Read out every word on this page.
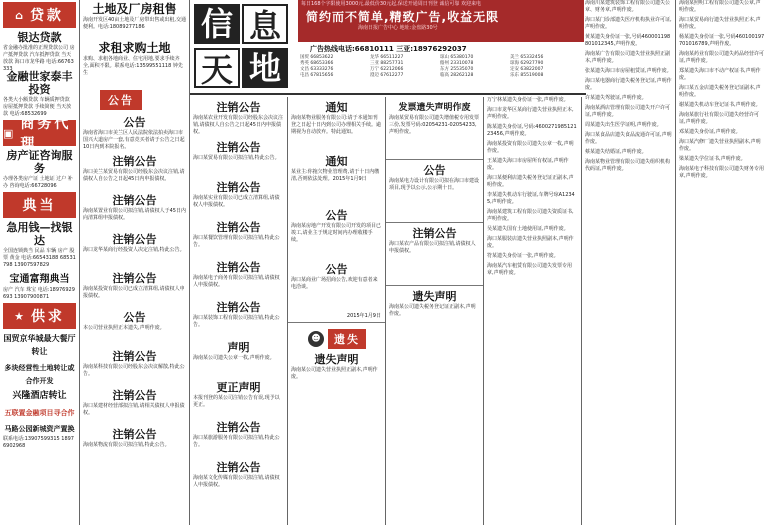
⌂ 贷款
银达贷款
省金融办批准的正规贷款公司 房产抵押贷款 汽车抵押贷款 当天放款 海口市龙华路 电话:66763333
金融世家泰丰投资
各类大小额贷款 车辆质押贷款 房屋抵押贷款 手续简便 当天放款 电话:68532699
▣
商务代理
房产证咨询服务
办理各类房产证 土地证 过户 补办 咨询电话:66728096
典当
急用钱—找银达
全国连锁典当 民品 车辆 房产 股票 黄金 电话:66543188 68531798 13907597829
宝通富翔典当
房产 汽车 珠宝 电话:18976929693 13907900871
★ 供求
国贸京华城最大餐厅转让
多块经营性土地转让或合作开发
兴隆酒店转让
五联置金融项目寻合作
马路公园新城资产置换
联系电话:13907599315 18976902968
土地及厂房租售
海南开发区40亩土地及厂房带出售或出租,交通便利。电话:18089277186
求租求购土地
求购、求租各地商业、住宅用地,要求手续齐全,面积不限。联系电话:13599551118 钟先生
公告
公告
海南省海口市美兰区人民法院依法拍卖海口市国兴大道房产一套,有意竞买者请于公告之日起10日内到本院报名。
注销公告
海口美兰某贸易有限公司经股东会决议注销,请债权人自公告之日起45日内申报债权。
注销公告
海南某置业有限公司拟注销,请债权人于45日内向清算组申报债权。
注销公告
海口龙华某商行经投资人决定注销,特此公告。
注销公告
海南某投资有限公司已成立清算组,请债权人申报债权。
公告
本公司营业执照正本遗失,声明作废。
注销公告
海南某科技有限公司经股东会决议解散,特此公告。
注销公告
海口某建材经营部拟注销,请相关债权人申报债权。
注销公告
海南某物流有限公司拟注销,特此公告。
信 息
天 地
每日168个字限使用3000元,最低价30元起,保送开通周日刊登 诚信可靠 欢迎来电
简约而不简单,精致广告,收益无限
海南日报广告中心 地址:金盘路30号
广告热线电话:66810111 三亚:18976292037
国贸 66853622	龙华 66511227	琼山 65380170	美兰 65332456秀英 68653366	三亚 88257731	儋州 23310078	琼海 62927790文昌 63333276	万宁 62212066	东方 25535070	定安 63822007屯昌 67815656	澄迈 67612277	临高 28262128	乐东 85519008
注销公告
海南某农业开发有限公司经股东会决议注销,请债权人自公告之日起45日内申报债权。
注销公告
海口某贸易有限公司拟注销,特此公告。
注销公告
海南某实业有限公司已成立清算组,请债权人申报债权。
注销公告
海口某餐饮管理有限公司拟注销,特此公告。
注销公告
海南某电子商务有限公司拟注销,请债权人申报债权。
注销公告
海口某装饰工程有限公司拟注销,特此公告。
声明
海南某公司遗失公章一枚,声明作废。
更正声明
本报刊登的某公司注销公告有误,现予以更正。
注销公告
海口某旅游服务有限公司拟注销,特此公告。
注销公告
海南某文化传媒有限公司拟注销,请债权人申报债权。
通知
海南某物业服务有限公司:请于本通知刊登之日起十日内到公司办理相关手续。逾期视为自动放弃。特此通知。
通知
某业主:你拖欠物业管理费,请于十日内缴清,否则依法处理。2015年1月9日
公告
海南某房地产开发有限公司开发的项目已竣工,请业主于规定时间内办理收楼手续。
公告
海口某商业广场招商公告,欢迎有意者来电洽谈。
2015年1月9日
☻ 遗失
遗失声明
海南某公司遗失营业执照正副本,声明作废。
发票遗失声明作废
海南某贸易有限公司遗失增值税专用发票三份,发票号码:02054231-02054233,声明作废。
公告
海南某电力设计有限公司拟在海口市建设项目,现予以公示,公示期十日。
注销公告
海口某农产品有限公司拟注销,请债权人申报债权。
遗失声明
海南某公司遗失税务登记证正副本,声明作废。
万宁林某遗失身份证一张,声明作废。
海口市龙华区某商行遗失营业执照正本,声明作废。
陈某遗失身份证,号码:460027198512123456,声明作废。
海南某投资有限公司遗失公章一枚,声明作废。
王某遗失海口市房屋所有权证,声明作废。
海口某便利店遗失税务登记证正副本,声明作废。
李某遗失机动车行驶证,车牌号琼A12345,声明作废。
海南某建筑工程有限公司遗失资质证书,声明作废。
吴某遗失国有土地使用证,声明作废。
海口某服装店遗失营业执照副本,声明作废。
符某遗失身份证一张,声明作废。
海南某汽车租赁有限公司遗失发票专用章,声明作废。
海南川某建筑装饰工程有限公司遗失公章、财务章,声明作废。
海口某门诊部遗失医疗机构执业许可证,声明作废。
黄某遗失身份证一张,号码460001198801012345,声明作废。
海南某广告有限公司遗失营业执照正副本,声明作废。
张某遗失海口市房屋租赁证,声明作废。
海口某电器商行遗失税务登记证,声明作废。
许某遗失驾驶证,声明作废。
海南某酒店管理有限公司遗失开户许可证,声明作废。
周某遗失出生医学证明,声明作废。
海口某食品店遗失食品流通许可证,声明作废。
蔡某遗失结婚证,声明作废。
海南某物业管理有限公司遗失组织机构代码证,声明作废。
海南某照明工程有限公司遗失公章,声明作废。
海口某贸易商行遗失营业执照正本,声明作废。
杨某遗失身份证一张,号码460100197701016789,声明作废。
海南某药业有限公司遗失药品经营许可证,声明作废。
郑某遗失海口市不动产权证书,声明作废。
海口某五金店遗失税务登记证副本,声明作废。
谢某遗失机动车登记证书,声明作废。
海南某旅行社有限公司遗失经营许可证,声明作废。
邓某遗失身份证,声明作废。
海口某汽修厂遗失营业执照副本,声明作废。
梁某遗失学位证书,声明作废。
海南某电子科技有限公司遗失财务专用章,声明作废。
